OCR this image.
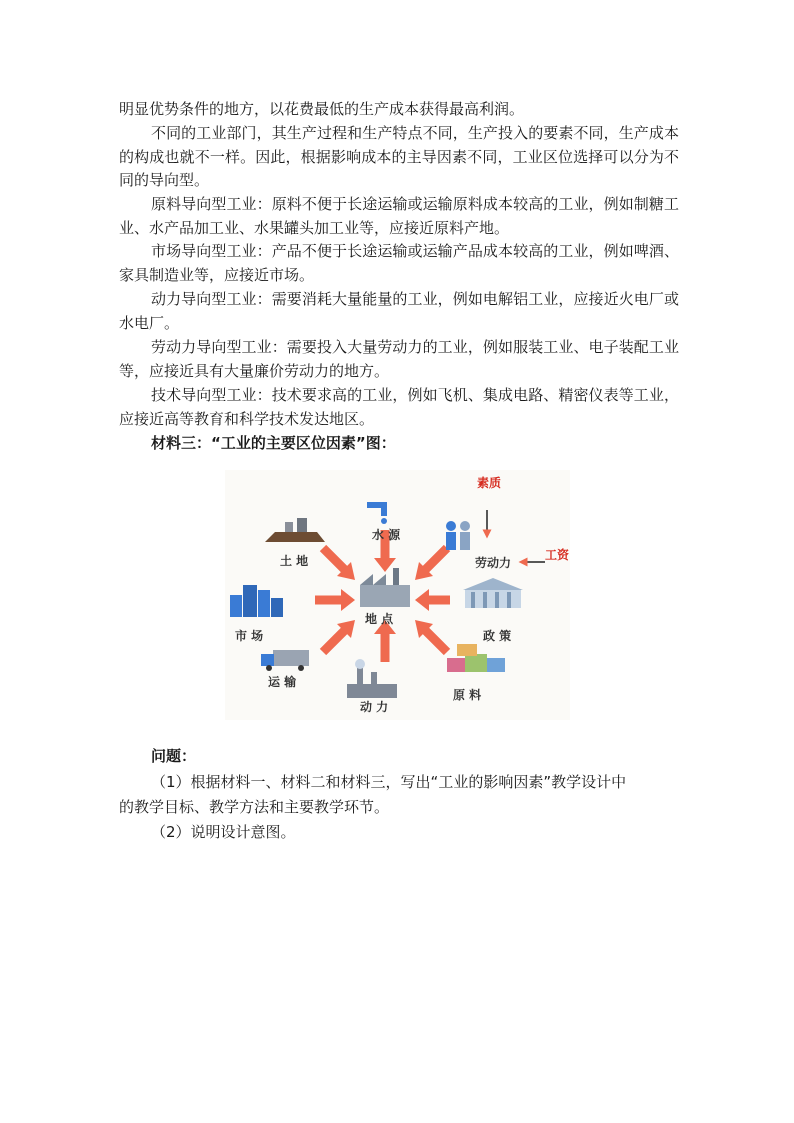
明显优势条件的地方，以花费最低的生产成本获得最高利润。

不同的工业部门，其生产过程和生产特点不同，生产投入的要素不同，生产成本的构成也就不一样。因此，根据影响成本的主导因素不同，工业区位选择可以分为不同的导向型。

原料导向型工业：原料不便于长途运输或运输原料成本较高的工业，例如制糖工业、水产品加工业、水果罐头加工业等，应接近原料产地。

市场导向型工业：产品不便于长途运输或运输产品成本较高的工业，例如啤酒、家具制造业等，应接近市场。

动力导向型工业：需要消耗大量能量的工业，例如电解铝工业，应接近火电厂或水电厂。

劳动力导向型工业：需要投入大量劳动力的工业，例如服装工业、电子装配工业等，应接近具有大量廉价劳动力的地方。

技术导向型工业：技术要求高的工业，例如飞机、集成电路、精密仪表等工业，应接近高等教育和科学技术发达地区。

材料三：“工业的主要区位因素”图：

水 源
土 地
市 场
运 输
地 点
动 力
原 料
政 策
劳动力
素质
工资
问题：

（1）根据材料一、材料二和材料三，写出“工业的影响因素”教学设计中

的教学目标、教学方法和主要教学环节。

（2）说明设计意图。
